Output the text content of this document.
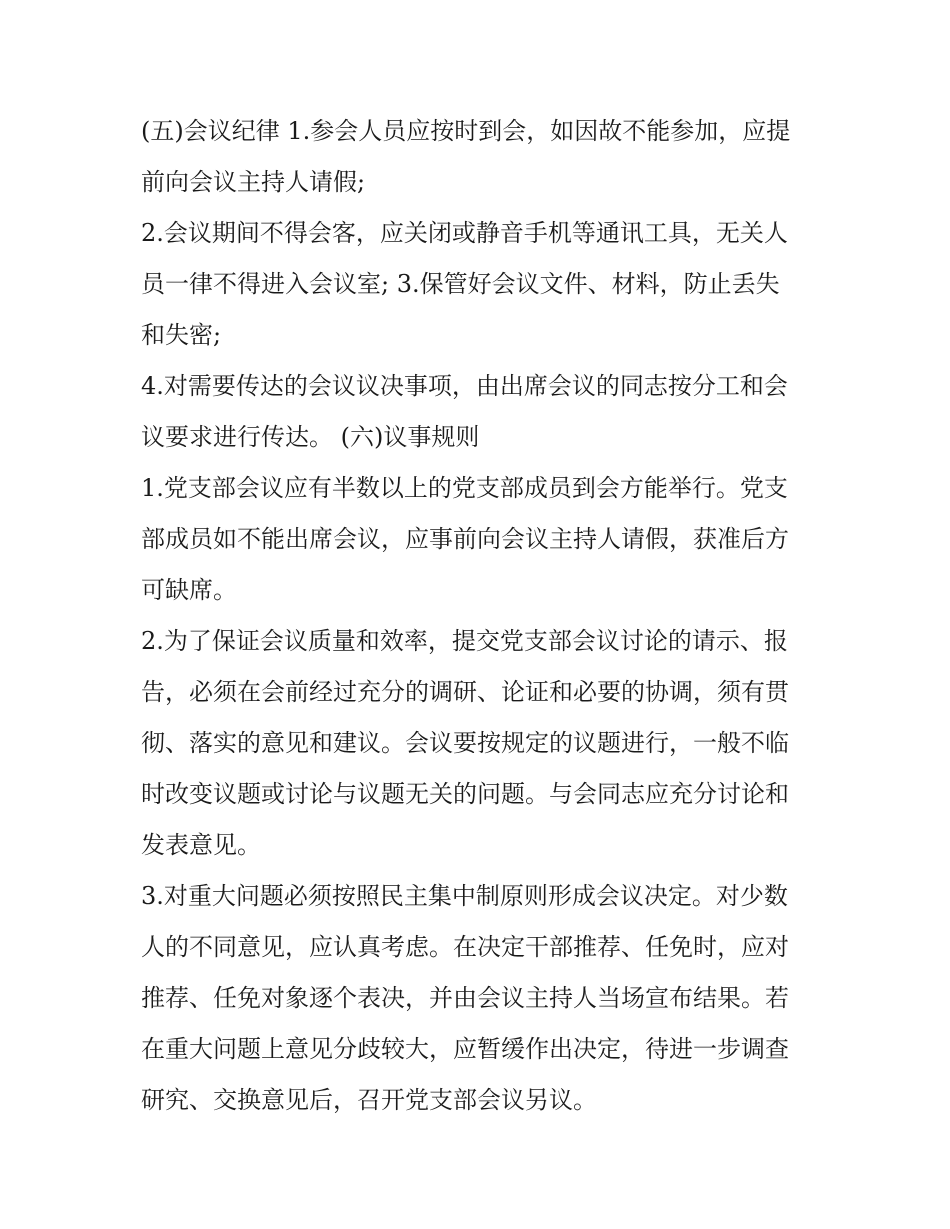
(五)会议纪律 1.参会人员应按时到会，如因故不能参加，应提
前向会议主持人请假;
2.会议期间不得会客，应关闭或静音手机等通讯工具，无关人
员一律不得进入会议室; 3.保管好会议文件、材料，防止丢失
和失密;
4.对需要传达的会议议决事项，由出席会议的同志按分工和会
议要求进行传达。 (六)议事规则
1.党支部会议应有半数以上的党支部成员到会方能举行。党支
部成员如不能出席会议，应事前向会议主持人请假，获准后方
可缺席。
2.为了保证会议质量和效率，提交党支部会议讨论的请示、报
告，必须在会前经过充分的调研、论证和必要的协调，须有贯
彻、落实的意见和建议。会议要按规定的议题进行，一般不临
时改变议题或讨论与议题无关的问题。与会同志应充分讨论和
发表意见。
3.对重大问题必须按照民主集中制原则形成会议决定。对少数
人的不同意见，应认真考虑。在决定干部推荐、任免时，应对
推荐、任免对象逐个表决，并由会议主持人当场宣布结果。若
在重大问题上意见分歧较大，应暂缓作出决定，待进一步调查
研究、交换意见后，召开党支部会议另议。
